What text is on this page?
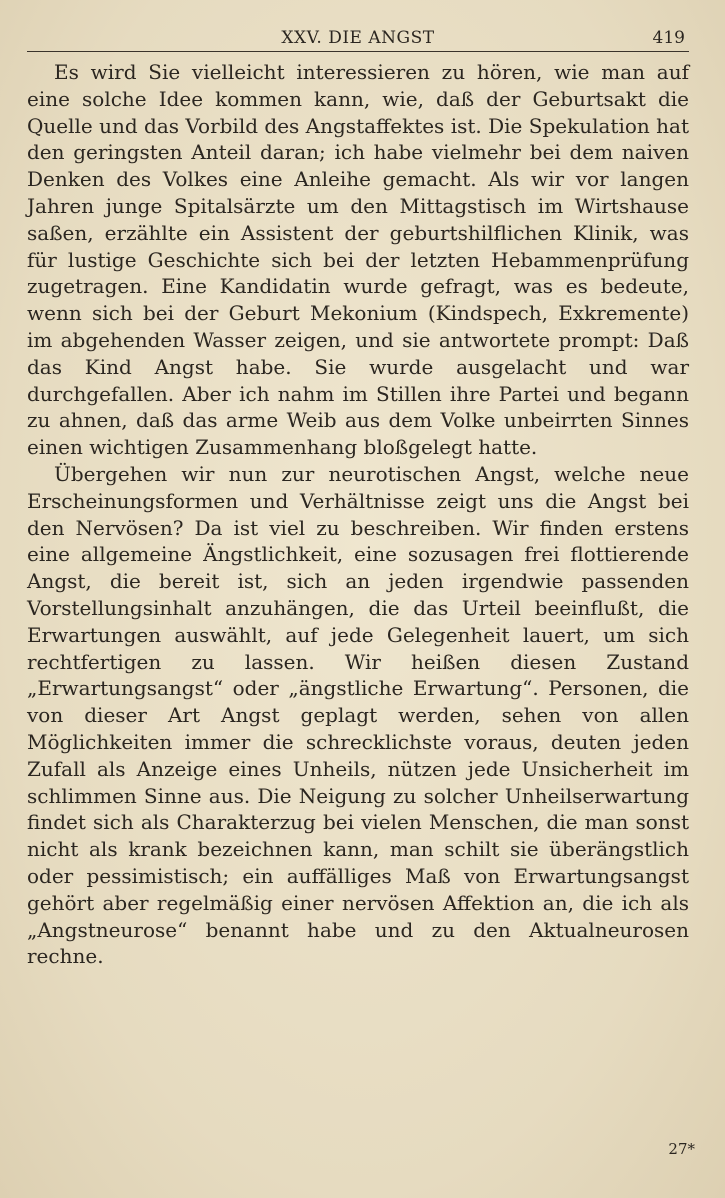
XXV. DIE ANGST	419

Es wird Sie vielleicht interessieren zu hören, wie man auf eine solche Idee kommen kann, wie, daß der Geburtsakt die Quelle und das Vorbild des Angstaffektes ist. Die Spekulation hat den geringsten Anteil daran; ich habe vielmehr bei dem naiven Denken des Volkes eine Anleihe gemacht. Als wir vor langen Jahren junge Spitalsärzte um den Mittagstisch im Wirtshause saßen, erzählte ein Assistent der geburtshilflichen Klinik, was für lustige Geschichte sich bei der letzten Hebammenprüfung zugetragen. Eine Kandidatin wurde gefragt, was es bedeute, wenn sich bei der Geburt Mekonium (Kindspech, Exkremente) im abgehenden Wasser zeigen, und sie antwortete prompt: Daß das Kind Angst habe. Sie wurde ausgelacht und war durchgefallen. Aber ich nahm im Stillen ihre Partei und begann zu ahnen, daß das arme Weib aus dem Volke unbeirrten Sinnes einen wichtigen Zusammenhang bloßgelegt hatte.

Übergehen wir nun zur neurotischen Angst, welche neue Erscheinungsformen und Verhältnisse zeigt uns die Angst bei den Nervösen? Da ist viel zu beschreiben. Wir finden erstens eine allgemeine Ängstlichkeit, eine sozusagen frei flottierende Angst, die bereit ist, sich an jeden irgendwie passenden Vorstellungsinhalt anzuhängen, die das Urteil beeinflußt, die Erwartungen auswählt, auf jede Gelegenheit lauert, um sich rechtfertigen zu lassen. Wir heißen diesen Zustand „Erwartungsangst“ oder „ängstliche Erwartung“. Personen, die von dieser Art Angst geplagt werden, sehen von allen Möglichkeiten immer die schrecklichste voraus, deuten jeden Zufall als Anzeige eines Unheils, nützen jede Unsicherheit im schlimmen Sinne aus. Die Neigung zu solcher Unheilserwartung findet sich als Charakterzug bei vielen Menschen, die man sonst nicht als krank bezeichnen kann, man schilt sie überängstlich oder pessimistisch; ein auffälliges Maß von Erwartungsangst gehört aber regelmäßig einer nervösen Affektion an, die ich als „Angstneurose“ benannt habe und zu den Aktualneurosen rechne.

27*
